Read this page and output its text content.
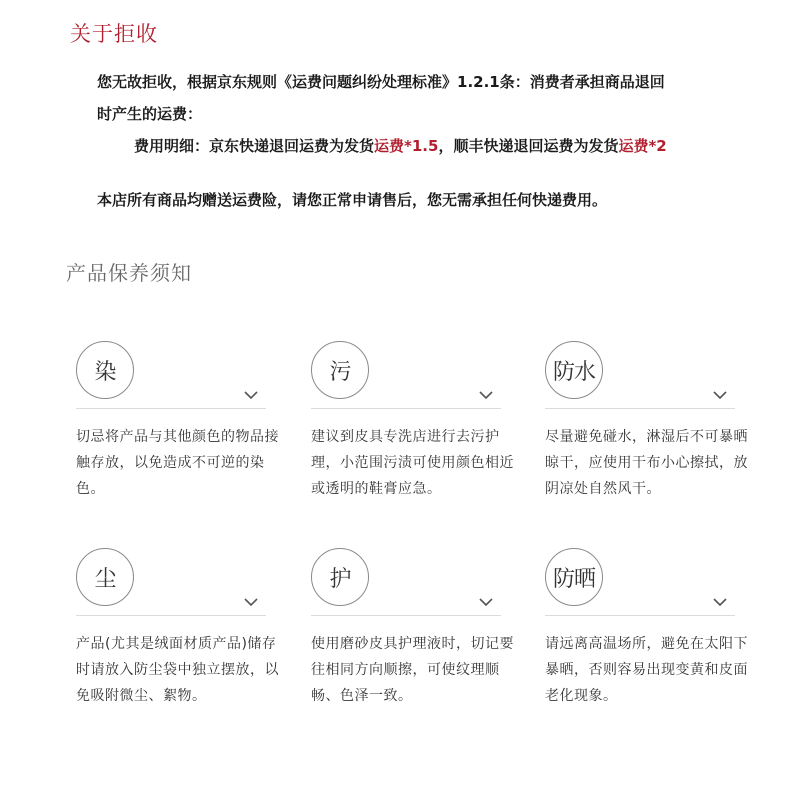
关于拒收
您无故拒收，根据京东规则《运费问题纠纷处理标准》1.2.1条：消费者承担商品退回
时产生的运费：
费用明细：京东快递退回运费为发货运费*1.5，顺丰快递退回运费为发货运费*2
本店所有商品均赠送运费险，请您正常申请售后，您无需承担任何快递费用。
产品保养须知
染
切忌将产品与其他颜色的物品接触存放，以免造成不可逆的染色。
污
建议到皮具专洗店进行去污护理，小范围污渍可使用颜色相近或透明的鞋膏应急。
防水
尽量避免碰水，淋湿后不可暴晒晾干，应使用干布小心擦拭，放阴凉处自然风干。
尘
产品(尤其是绒面材质产品)储存时请放入防尘袋中独立摆放，以免吸附微尘、絮物。
护
使用磨砂皮具护理液时，切记要往相同方向顺擦，可使纹理顺畅、色泽一致。
防晒
请远离高温场所，避免在太阳下暴晒，否则容易出现变黄和皮面老化现象。
